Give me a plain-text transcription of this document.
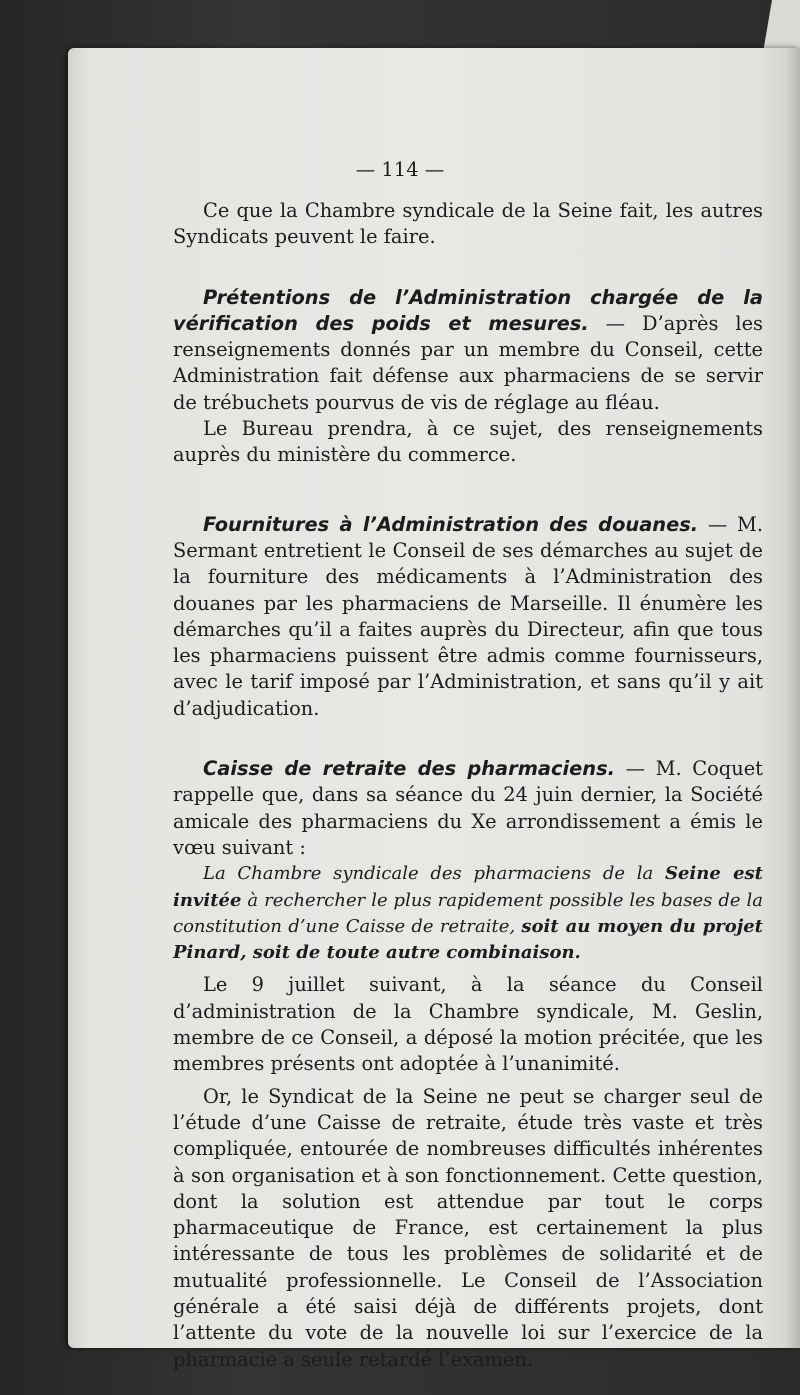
— 114 —

Ce que la Chambre syndicale de la Seine fait, les autres Syndicats peuvent le faire.

Prétentions de l’Administration chargée de la vérification des poids et mesures. — D’après les renseignements donnés par un membre du Conseil, cette Administration fait défense aux pharmaciens de se servir de trébuchets pourvus de vis de réglage au fléau.

Le Bureau prendra, à ce sujet, des renseignements auprès du ministère du commerce.

Fournitures à l’Administration des douanes. — M. Sermant entretient le Conseil de ses démarches au sujet de la fourniture des médicaments à l’Administration des douanes par les pharmaciens de Marseille. Il énumère les démarches qu’il a faites auprès du Directeur, afin que tous les pharmaciens puissent être admis comme fournisseurs, avec le tarif imposé par l’Administration, et sans qu’il y ait d’adjudication.

Caisse de retraite des pharmaciens. — M. Coquet rappelle que, dans sa séance du 24 juin dernier, la Société amicale des pharmaciens du Xe arrondissement a émis le vœu suivant :

La Chambre syndicale des pharmaciens de la Seine est invitée à rechercher le plus rapidement possible les bases de la constitution d’une Caisse de retraite, soit au moyen du projet Pinard, soit de toute autre combinaison.

Le 9 juillet suivant, à la séance du Conseil d’administration de la Chambre syndicale, M. Geslin, membre de ce Conseil, a déposé la motion précitée, que les membres présents ont adoptée à l’unanimité.

Or, le Syndicat de la Seine ne peut se charger seul de l’étude d’une Caisse de retraite, étude très vaste et très compliquée, entourée de nombreuses difficultés inhérentes à son organisation et à son fonctionnement. Cette question, dont la solution est attendue par tout le corps pharmaceutique de France, est certainement la plus intéressante de tous les problèmes de solidarité et de mutualité professionnelle. Le Conseil de l’Association générale a été saisi déjà de différents projets, dont l’attente du vote de la nouvelle loi sur l’exercice de la pharmacie a seule retardé l’examen.
